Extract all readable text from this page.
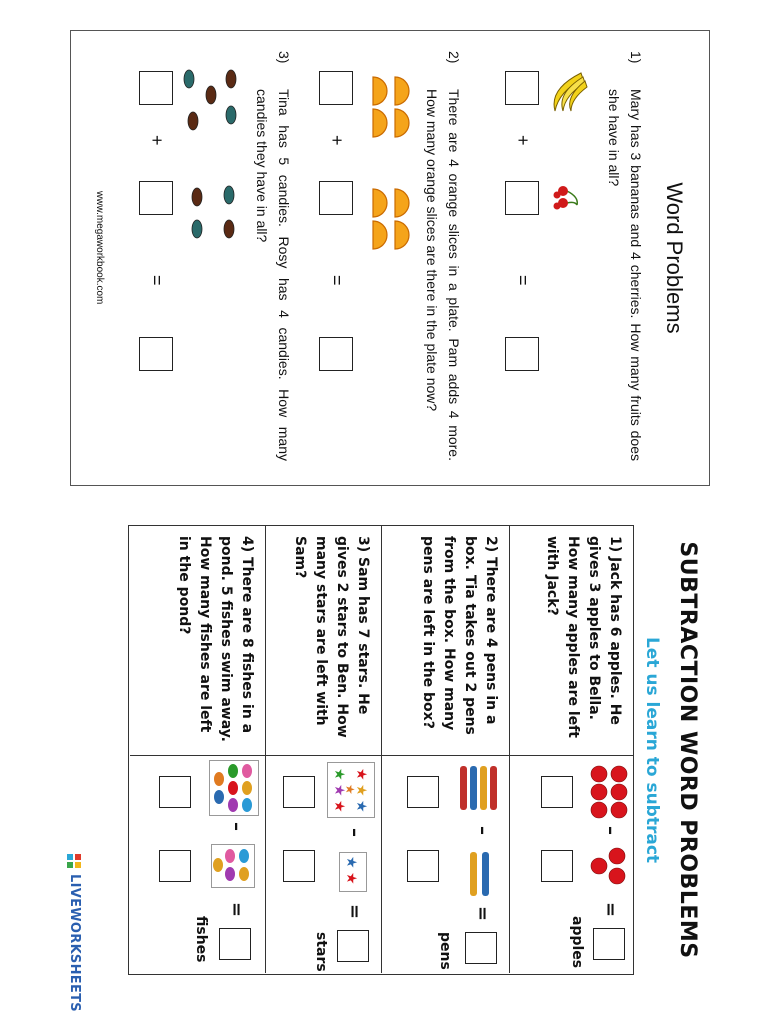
Word Problems
1)
Mary has 3 bananas and 4 cherries. How many fruits does she have in all?
+
=
2)
There are 4 orange slices in a plate. Pam adds 4 more. How many orange slices are there in the plate now?
+
=
3)
Tina has 5 candies. Rosy has 4 candies. How many candies they have in all?
+
=
www.megaworkbook.com
SUBTRACTION WORD PROBLEMS
Let us learn to subtract
1) Jack has 6 apples. He gives 3 apples to Bella. How many apples are left with Jack?
–
=
apples
2) There are 4 pens in a box. Tia takes out 2 pens from the box. How many pens are left in the box?
–
=
pens
3) Sam has 7 stars. He gives 2 stars to Ben. How many stars are left with Sam?
★
★
★
★
★
★
★
★
★
–
=
stars
4) There are 8 fishes in a pond. 5 fishes swim away. How many fishes are left in the pond?
–
=
fishes
LIVEWORKSHEETS
